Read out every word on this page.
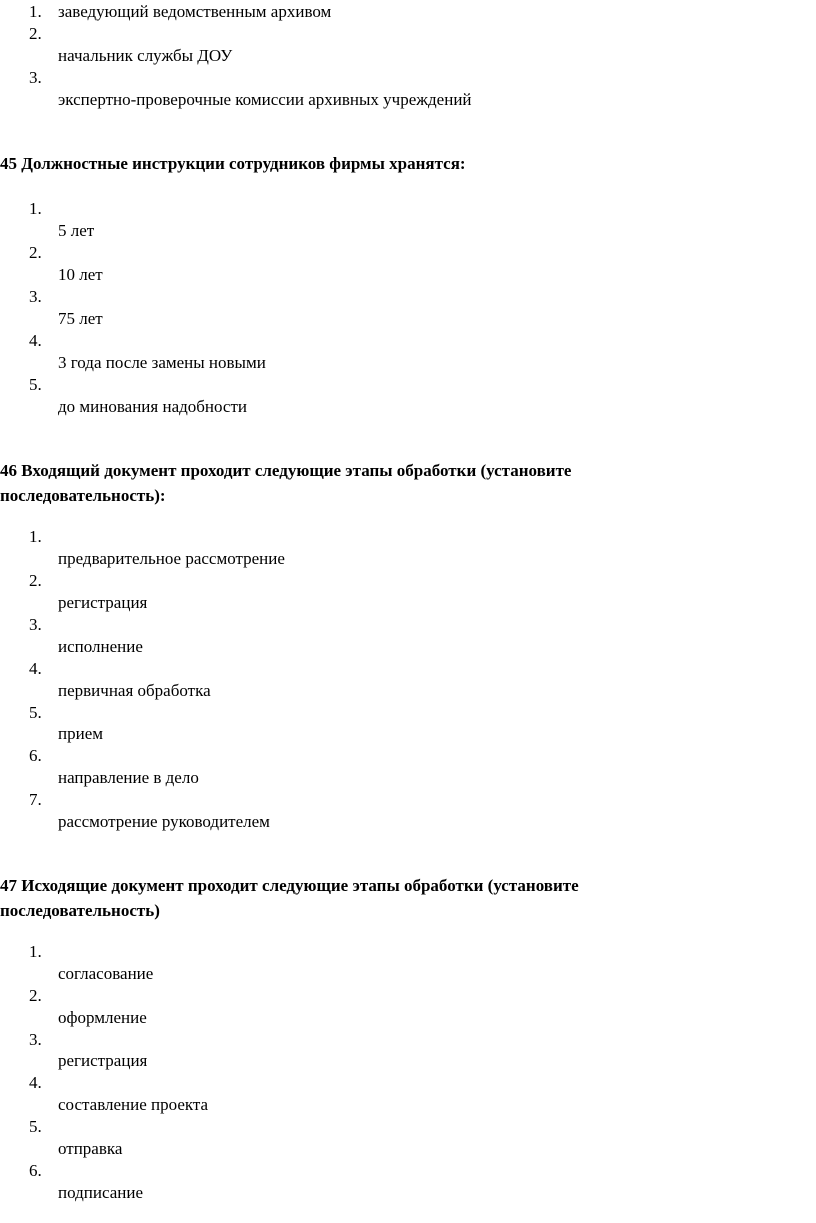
1. заведующий ведомственным архивом
2.
начальник службы ДОУ
3.
экспертно-проверочные комиссии архивных учреждений
45 Должностные инструкции сотрудников фирмы хранятся:
1.
5 лет
2.
10 лет
3.
75 лет
4.
3 года после замены новыми
5.
до минования надобности
46 Входящий документ проходит следующие этапы обработки (установите
последовательность):
1.
предварительное рассмотрение
2.
регистрация
3.
исполнение
4.
первичная обработка
5.
прием
6.
направление в дело
7.
рассмотрение руководителем
47 Исходящие документ проходит следующие этапы обработки (установите
последовательность)
1.
согласование
2.
оформление
3.
регистрация
4.
составление проекта
5.
отправка
6.
подписание
